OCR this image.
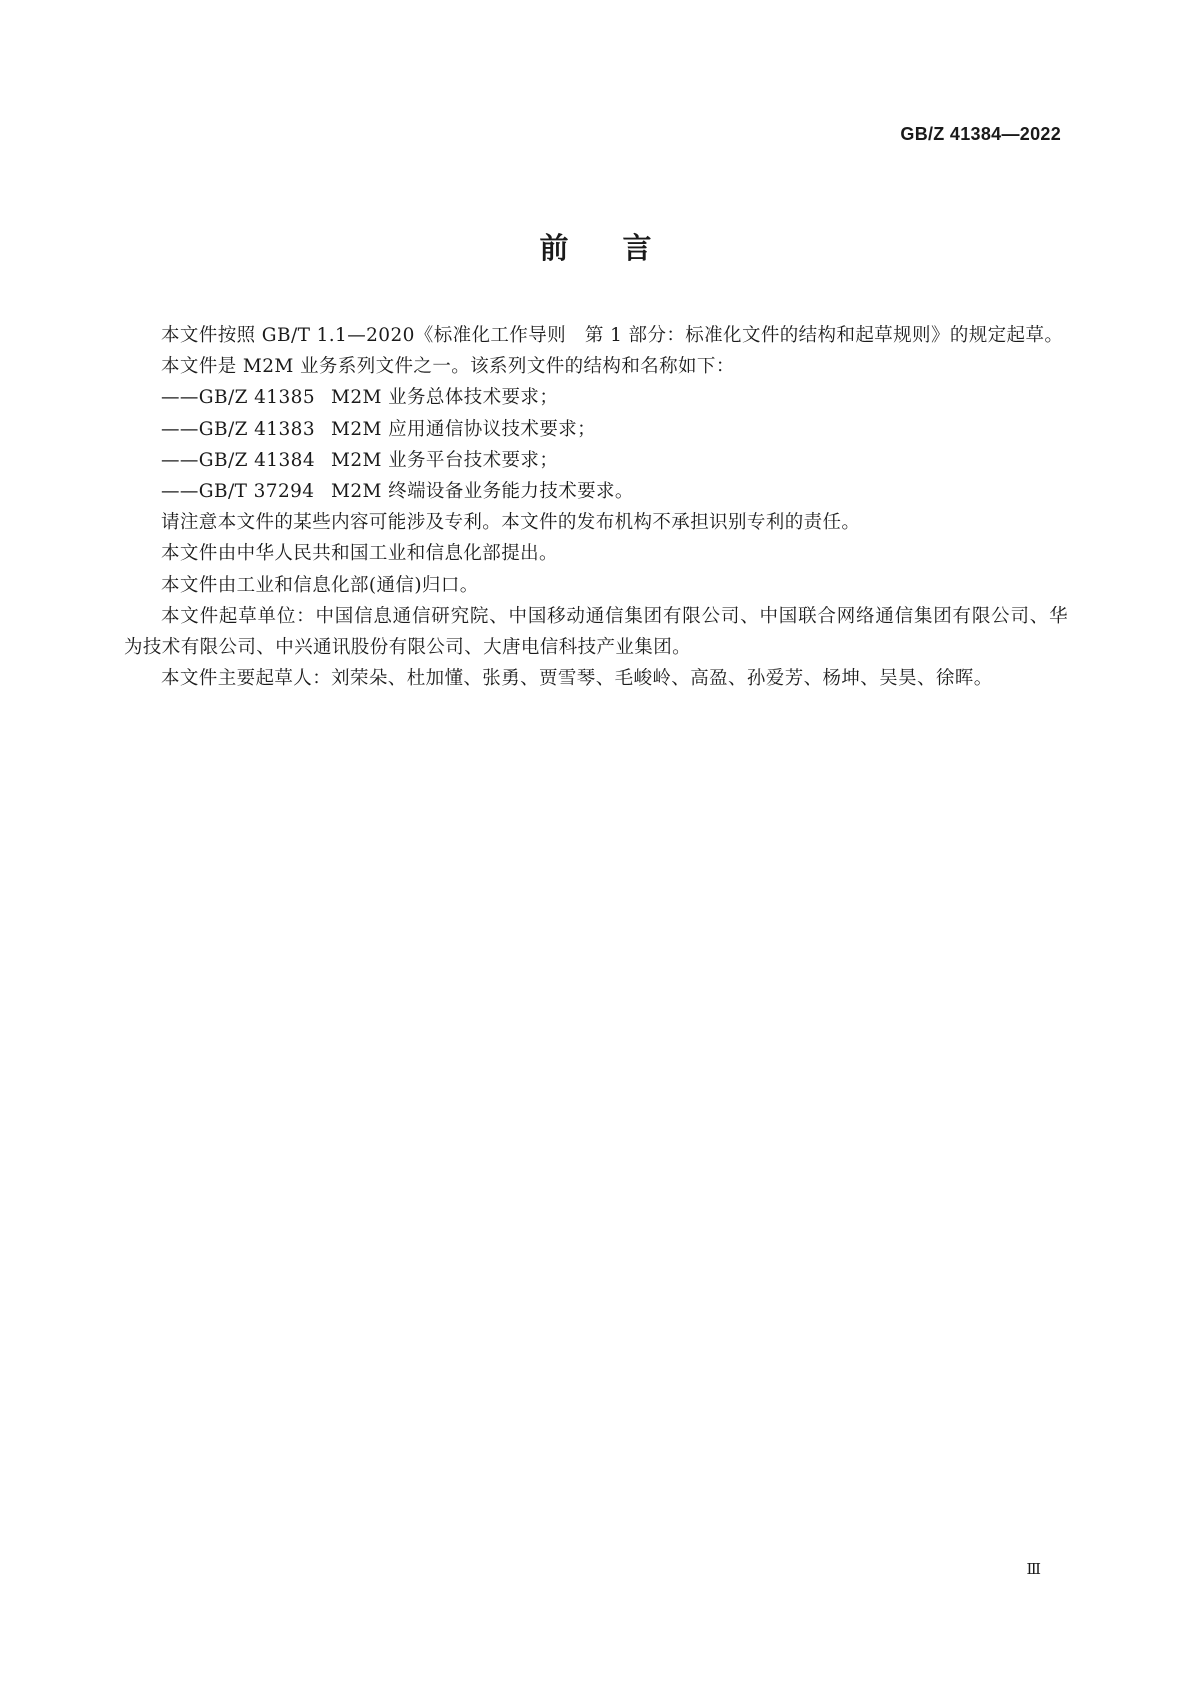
GB/Z 41384—2022
前言

本文件按照 GB/T 1.1—2020《标准化工作导则　第 1 部分：标准化文件的结构和起草规则》的规定起草。

本文件是 M2M 业务系列文件之一。该系列文件的结构和名称如下：

——GB/Z 41385 M2M 业务总体技术要求；
——GB/Z 41383 M2M 应用通信协议技术要求；
——GB/Z 41384 M2M 业务平台技术要求；
——GB/T 37294 M2M 终端设备业务能力技术要求。

请注意本文件的某些内容可能涉及专利。本文件的发布机构不承担识别专利的责任。

本文件由中华人民共和国工业和信息化部提出。

本文件由工业和信息化部(通信)归口。

本文件起草单位：中国信息通信研究院、中国移动通信集团有限公司、中国联合网络通信集团有限公司、华为技术有限公司、中兴通讯股份有限公司、大唐电信科技产业集团。

本文件主要起草人：刘荣朵、杜加懂、张勇、贾雪琴、毛峻岭、高盈、孙爱芳、杨坤、吴昊、徐晖。

Ⅲ
